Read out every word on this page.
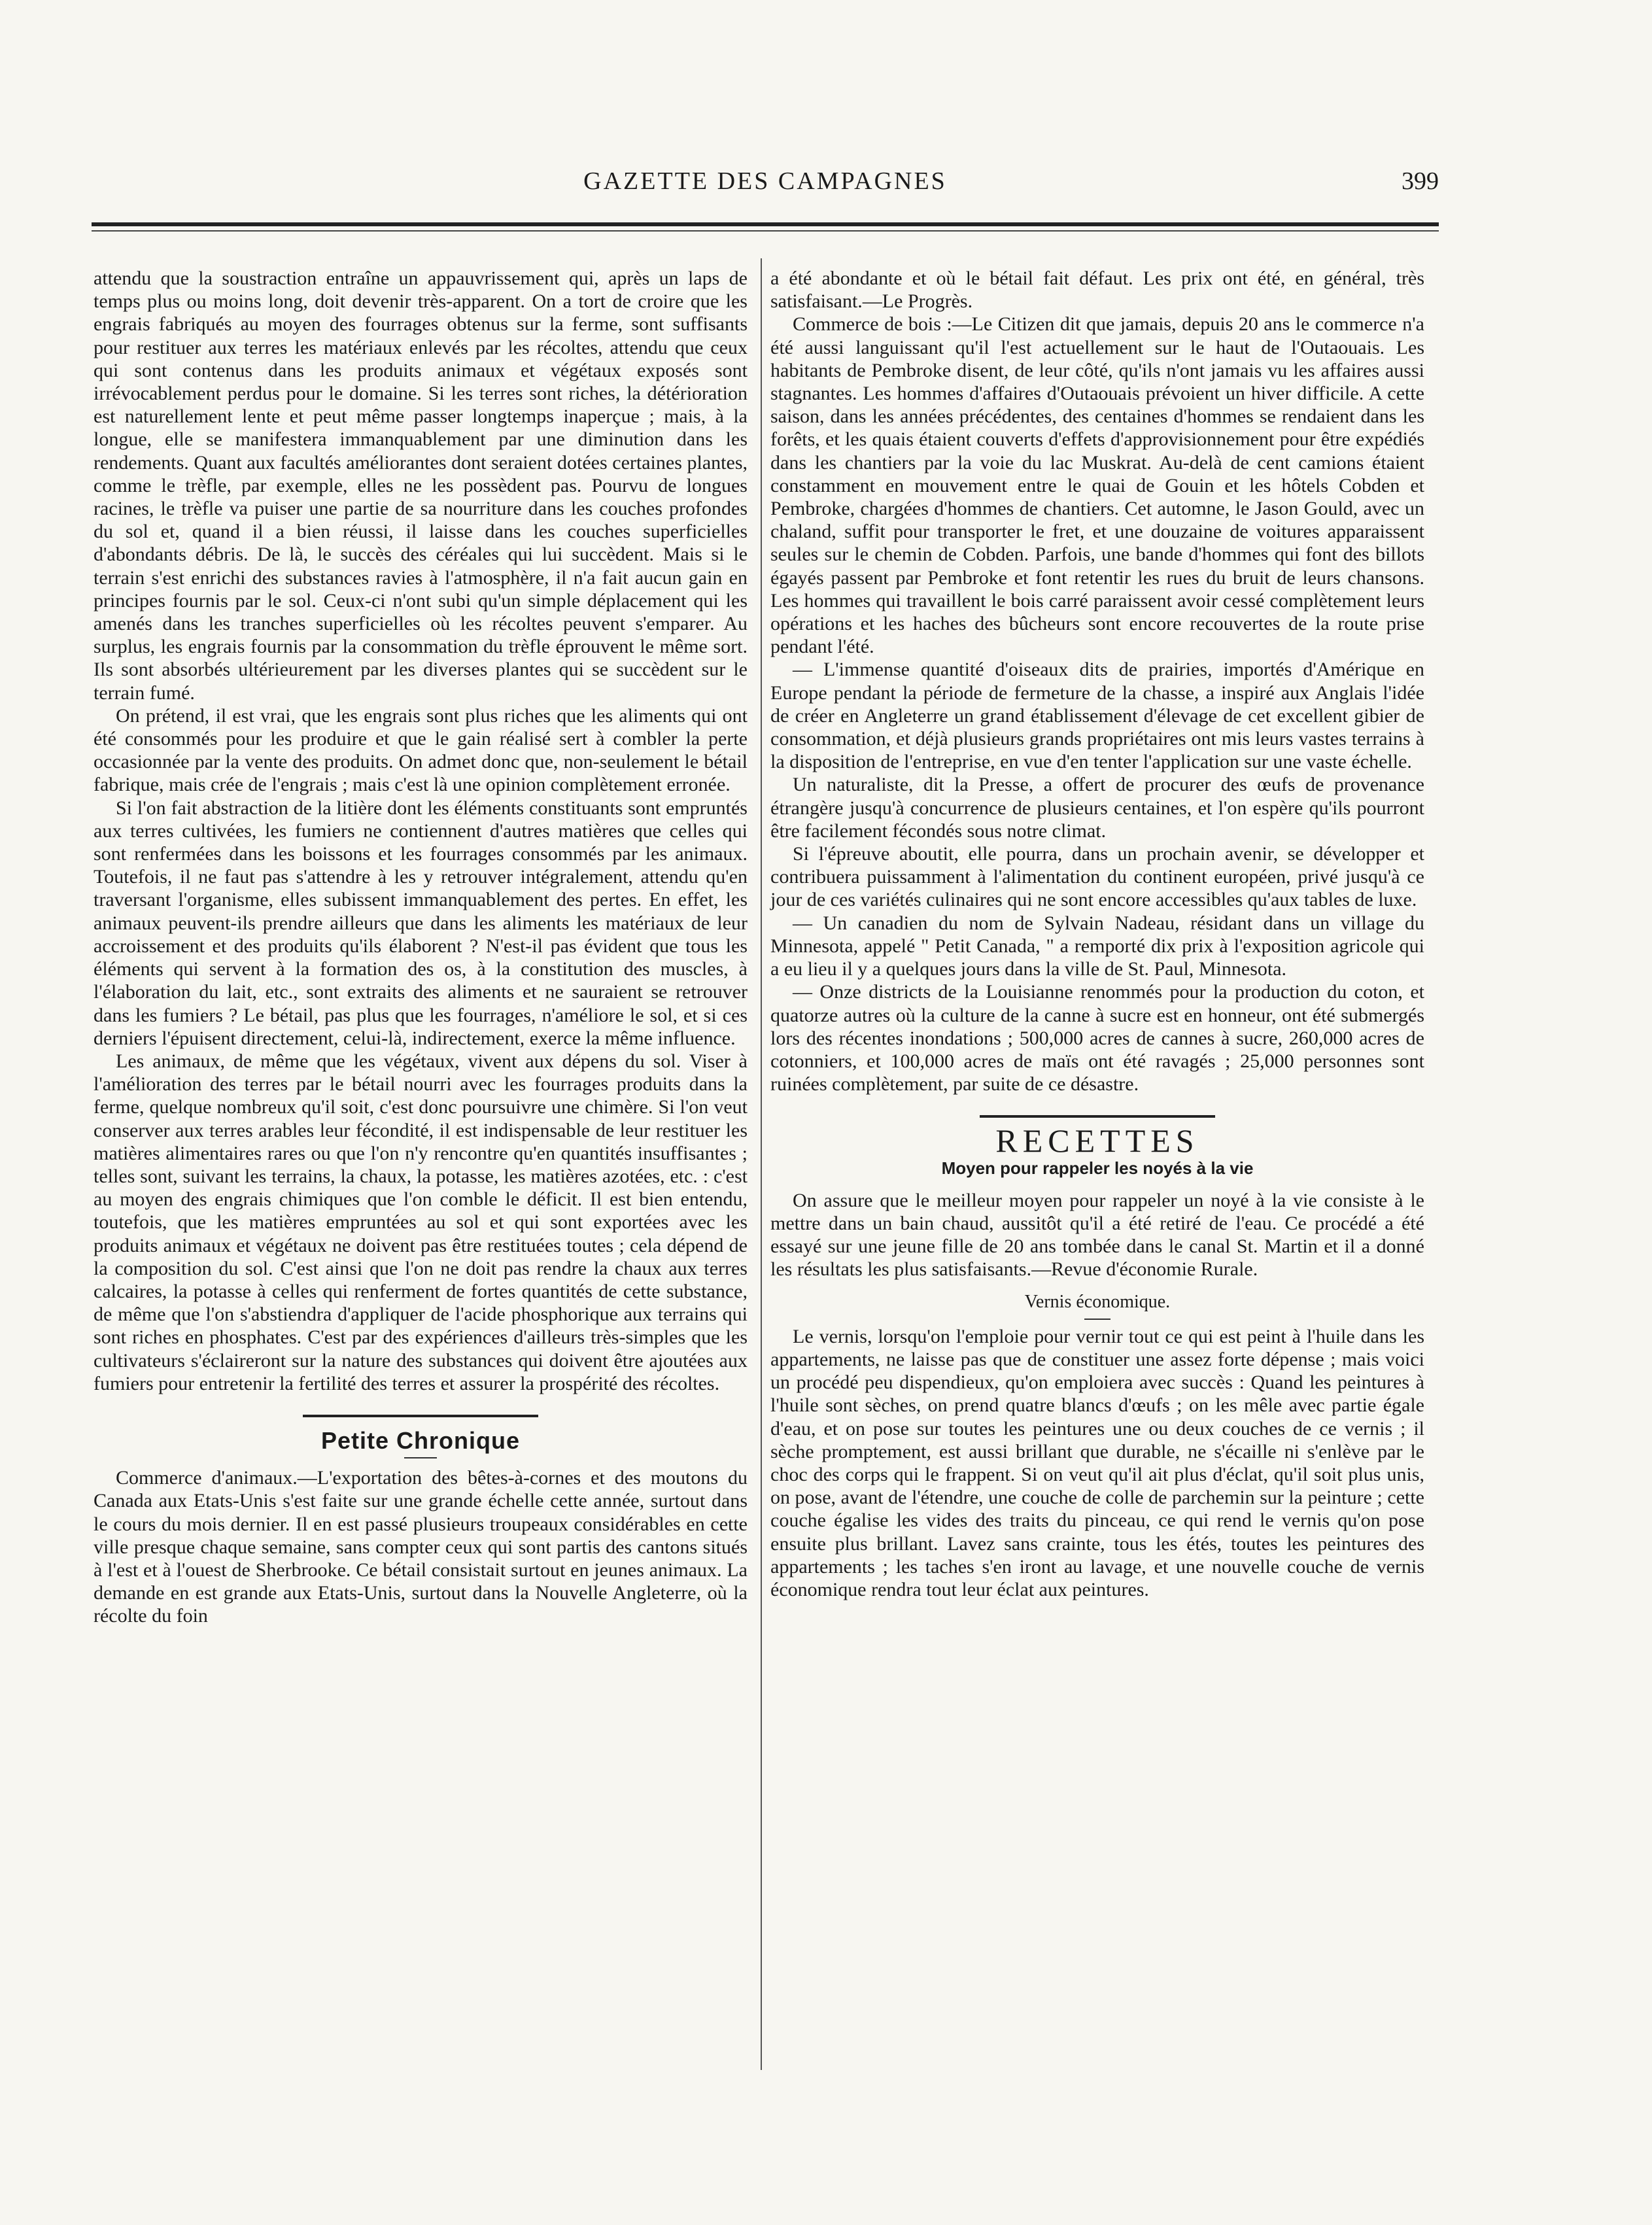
GAZETTE DES CAMPAGNES	399

attendu que la soustraction entraîne un appauvrissement qui, après un laps de temps plus ou moins long, doit devenir très-apparent. On a tort de croire que les engrais fabriqués au moyen des fourrages obtenus sur la ferme, sont suffisants pour restituer aux terres les matériaux enlevés par les récoltes, attendu que ceux qui sont contenus dans les produits animaux et végétaux exposés sont irrévocablement perdus pour le domaine. Si les terres sont riches, la détérioration est naturellement lente et peut même passer longtemps inaperçue ; mais, à la longue, elle se manifestera immanquablement par une diminution dans les rendements. Quant aux facultés améliorantes dont seraient dotées certaines plantes, comme le trèfle, par exemple, elles ne les possèdent pas. Pourvu de longues racines, le trèfle va puiser une partie de sa nourriture dans les couches profondes du sol et, quand il a bien réussi, il laisse dans les couches superficielles d'abondants débris. De là, le succès des céréales qui lui succèdent. Mais si le terrain s'est enrichi des substances ravies à l'atmosphère, il n'a fait aucun gain en principes fournis par le sol. Ceux-ci n'ont subi qu'un simple déplacement qui les amenés dans les tranches superficielles où les récoltes peuvent s'emparer. Au surplus, les engrais fournis par la consommation du trèfle éprouvent le même sort. Ils sont absorbés ultérieurement par les diverses plantes qui se succèdent sur le terrain fumé.

On prétend, il est vrai, que les engrais sont plus riches que les aliments qui ont été consommés pour les produire et que le gain réalisé sert à combler la perte occasionnée par la vente des produits. On admet donc que, non-seulement le bétail fabrique, mais crée de l'engrais ; mais c'est là une opinion complètement erronée.

Si l'on fait abstraction de la litière dont les éléments constituants sont empruntés aux terres cultivées, les fumiers ne contiennent d'autres matières que celles qui sont renfermées dans les boissons et les fourrages consommés par les animaux. Toutefois, il ne faut pas s'attendre à les y retrouver intégralement, attendu qu'en traversant l'organisme, elles subissent immanquablement des pertes. En effet, les animaux peuvent-ils prendre ailleurs que dans les aliments les matériaux de leur accroissement et des produits qu'ils élaborent ? N'est-il pas évident que tous les éléments qui servent à la formation des os, à la constitution des muscles, à l'élaboration du lait, etc., sont extraits des aliments et ne sauraient se retrouver dans les fumiers ? Le bétail, pas plus que les fourrages, n'améliore le sol, et si ces derniers l'épuisent directement, celui-là, indirectement, exerce la même influence.

Les animaux, de même que les végétaux, vivent aux dépens du sol. Viser à l'amélioration des terres par le bétail nourri avec les fourrages produits dans la ferme, quelque nombreux qu'il soit, c'est donc poursuivre une chimère. Si l'on veut conserver aux terres arables leur fécondité, il est indispensable de leur restituer les matières alimentaires rares ou que l'on n'y rencontre qu'en quantités insuffisantes ; telles sont, suivant les terrains, la chaux, la potasse, les matières azotées, etc. : c'est au moyen des engrais chimiques que l'on comble le déficit. Il est bien entendu, toutefois, que les matières empruntées au sol et qui sont exportées avec les produits animaux et végétaux ne doivent pas être restituées toutes ; cela dépend de la composition du sol. C'est ainsi que l'on ne doit pas rendre la chaux aux terres calcaires, la potasse à celles qui renferment de fortes quantités de cette substance, de même que l'on s'abstiendra d'appliquer de l'acide phosphorique aux terrains qui sont riches en phosphates. C'est par des expériences d'ailleurs très-simples que les cultivateurs s'éclaireront sur la nature des substances qui doivent être ajoutées aux fumiers pour entretenir la fertilité des terres et assurer la prospérité des récoltes.

Petite Chronique

Commerce d'animaux.—L'exportation des bêtes-à-cornes et des moutons du Canada aux Etats-Unis s'est faite sur une grande échelle cette année, surtout dans le cours du mois dernier. Il en est passé plusieurs troupeaux considérables en cette ville presque chaque semaine, sans compter ceux qui sont partis des cantons situés à l'est et à l'ouest de Sherbrooke. Ce bétail consistait surtout en jeunes animaux. La demande en est grande aux Etats-Unis, surtout dans la Nouvelle Angleterre, où la récolte du foin

a été abondante et où le bétail fait défaut. Les prix ont été, en général, très satisfaisant.—Le Progrès.

Commerce de bois :—Le Citizen dit que jamais, depuis 20 ans le commerce n'a été aussi languissant qu'il l'est actuellement sur le haut de l'Outaouais. Les habitants de Pembroke disent, de leur côté, qu'ils n'ont jamais vu les affaires aussi stagnantes. Les hommes d'affaires d'Outaouais prévoient un hiver difficile. A cette saison, dans les années précédentes, des centaines d'hommes se rendaient dans les forêts, et les quais étaient couverts d'effets d'approvisionnement pour être expédiés dans les chantiers par la voie du lac Muskrat. Au-delà de cent camions étaient constamment en mouvement entre le quai de Gouin et les hôtels Cobden et Pembroke, chargées d'hommes de chantiers. Cet automne, le Jason Gould, avec un chaland, suffit pour transporter le fret, et une douzaine de voitures apparaissent seules sur le chemin de Cobden. Parfois, une bande d'hommes qui font des billots égayés passent par Pembroke et font retentir les rues du bruit de leurs chansons. Les hommes qui travaillent le bois carré paraissent avoir cessé complètement leurs opérations et les haches des bûcheurs sont encore recouvertes de la route prise pendant l'été.

— L'immense quantité d'oiseaux dits de prairies, importés d'Amérique en Europe pendant la période de fermeture de la chasse, a inspiré aux Anglais l'idée de créer en Angleterre un grand établissement d'élevage de cet excellent gibier de consommation, et déjà plusieurs grands propriétaires ont mis leurs vastes terrains à la disposition de l'entreprise, en vue d'en tenter l'application sur une vaste échelle.

Un naturaliste, dit la Presse, a offert de procurer des œufs de provenance étrangère jusqu'à concurrence de plusieurs centaines, et l'on espère qu'ils pourront être facilement fécondés sous notre climat.

Si l'épreuve aboutit, elle pourra, dans un prochain avenir, se développer et contribuera puissamment à l'alimentation du continent européen, privé jusqu'à ce jour de ces variétés culinaires qui ne sont encore accessibles qu'aux tables de luxe.

— Un canadien du nom de Sylvain Nadeau, résidant dans un village du Minnesota, appelé " Petit Canada, " a remporté dix prix à l'exposition agricole qui a eu lieu il y a quelques jours dans la ville de St. Paul, Minnesota.

— Onze districts de la Louisianne renommés pour la production du coton, et quatorze autres où la culture de la canne à sucre est en honneur, ont été submergés lors des récentes inondations ; 500,000 acres de cannes à sucre, 260,000 acres de cotonniers, et 100,000 acres de maïs ont été ravagés ; 25,000 personnes sont ruinées complètement, par suite de ce désastre.

RECETTES
Moyen pour rappeler les noyés à la vie

On assure que le meilleur moyen pour rappeler un noyé à la vie consiste à le mettre dans un bain chaud, aussitôt qu'il a été retiré de l'eau. Ce procédé a été essayé sur une jeune fille de 20 ans tombée dans le canal St. Martin et il a donné les résultats les plus satisfaisants.—Revue d'économie Rurale.

Vernis économique.

Le vernis, lorsqu'on l'emploie pour vernir tout ce qui est peint à l'huile dans les appartements, ne laisse pas que de constituer une assez forte dépense ; mais voici un procédé peu dispendieux, qu'on emploiera avec succès : Quand les peintures à l'huile sont sèches, on prend quatre blancs d'œufs ; on les mêle avec partie égale d'eau, et on pose sur toutes les peintures une ou deux couches de ce vernis ; il sèche promptement, est aussi brillant que durable, ne s'écaille ni s'enlève par le choc des corps qui le frappent. Si on veut qu'il ait plus d'éclat, qu'il soit plus unis, on pose, avant de l'étendre, une couche de colle de parchemin sur la peinture ; cette couche égalise les vides des traits du pinceau, ce qui rend le vernis qu'on pose ensuite plus brillant. Lavez sans crainte, tous les étés, toutes les peintures des appartements ; les taches s'en iront au lavage, et une nouvelle couche de vernis économique rendra tout leur éclat aux peintures.
